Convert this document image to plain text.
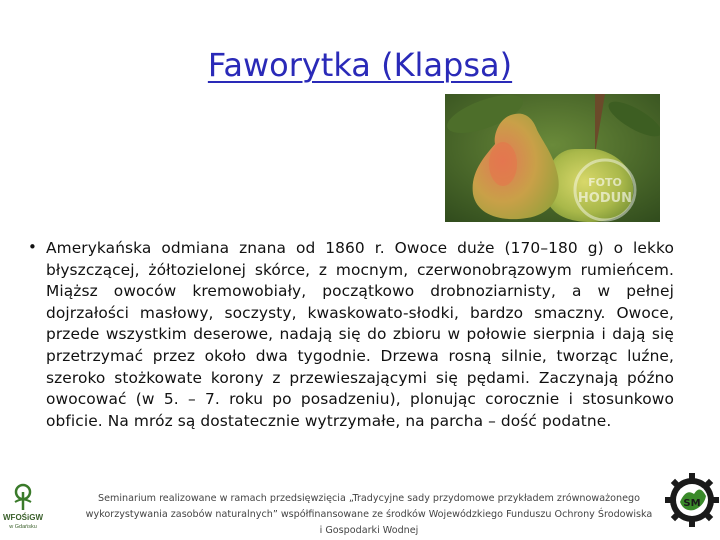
Faworytka (Klapsa)
FOTO
HODUN
• Amerykańska odmiana znana od 1860 r. Owoce duże (170–180 g) o lekko błyszczącej, żółtozielonej skórce, z mocnym, czerwonobrązowym rumieńcem. Miąższ owoców kremowobiały, początkowo drobnoziarnisty, a w pełnej dojrzałości masłowy, soczysty, kwaskowato-słodki, bardzo smaczny. Owoce, przede wszystkim deserowe, nadają się do zbioru w połowie sierpnia i dają się przetrzymać przez około dwa tygodnie. Drzewa rosną silnie, tworząc luźne, szeroko stożkowate korony z przewieszającymi się pędami. Zaczynają późno owocować (w 5. – 7. roku po posadzeniu), plonując corocznie i stosunkowo obficie. Na mróz są dostatecznie wytrzymałe, na parcha – dość podatne.

WFOŚiGW
w Gdańsku
Seminarium realizowane w ramach przedsięwzięcia „Tradycyjne sady przydomowe przykładem zrównoważonego
wykorzystywania zasobów naturalnych” współfinansowane ze środków Wojewódzkiego Funduszu Ochrony Środowiska
i Gospodarki Wodnej
SM
